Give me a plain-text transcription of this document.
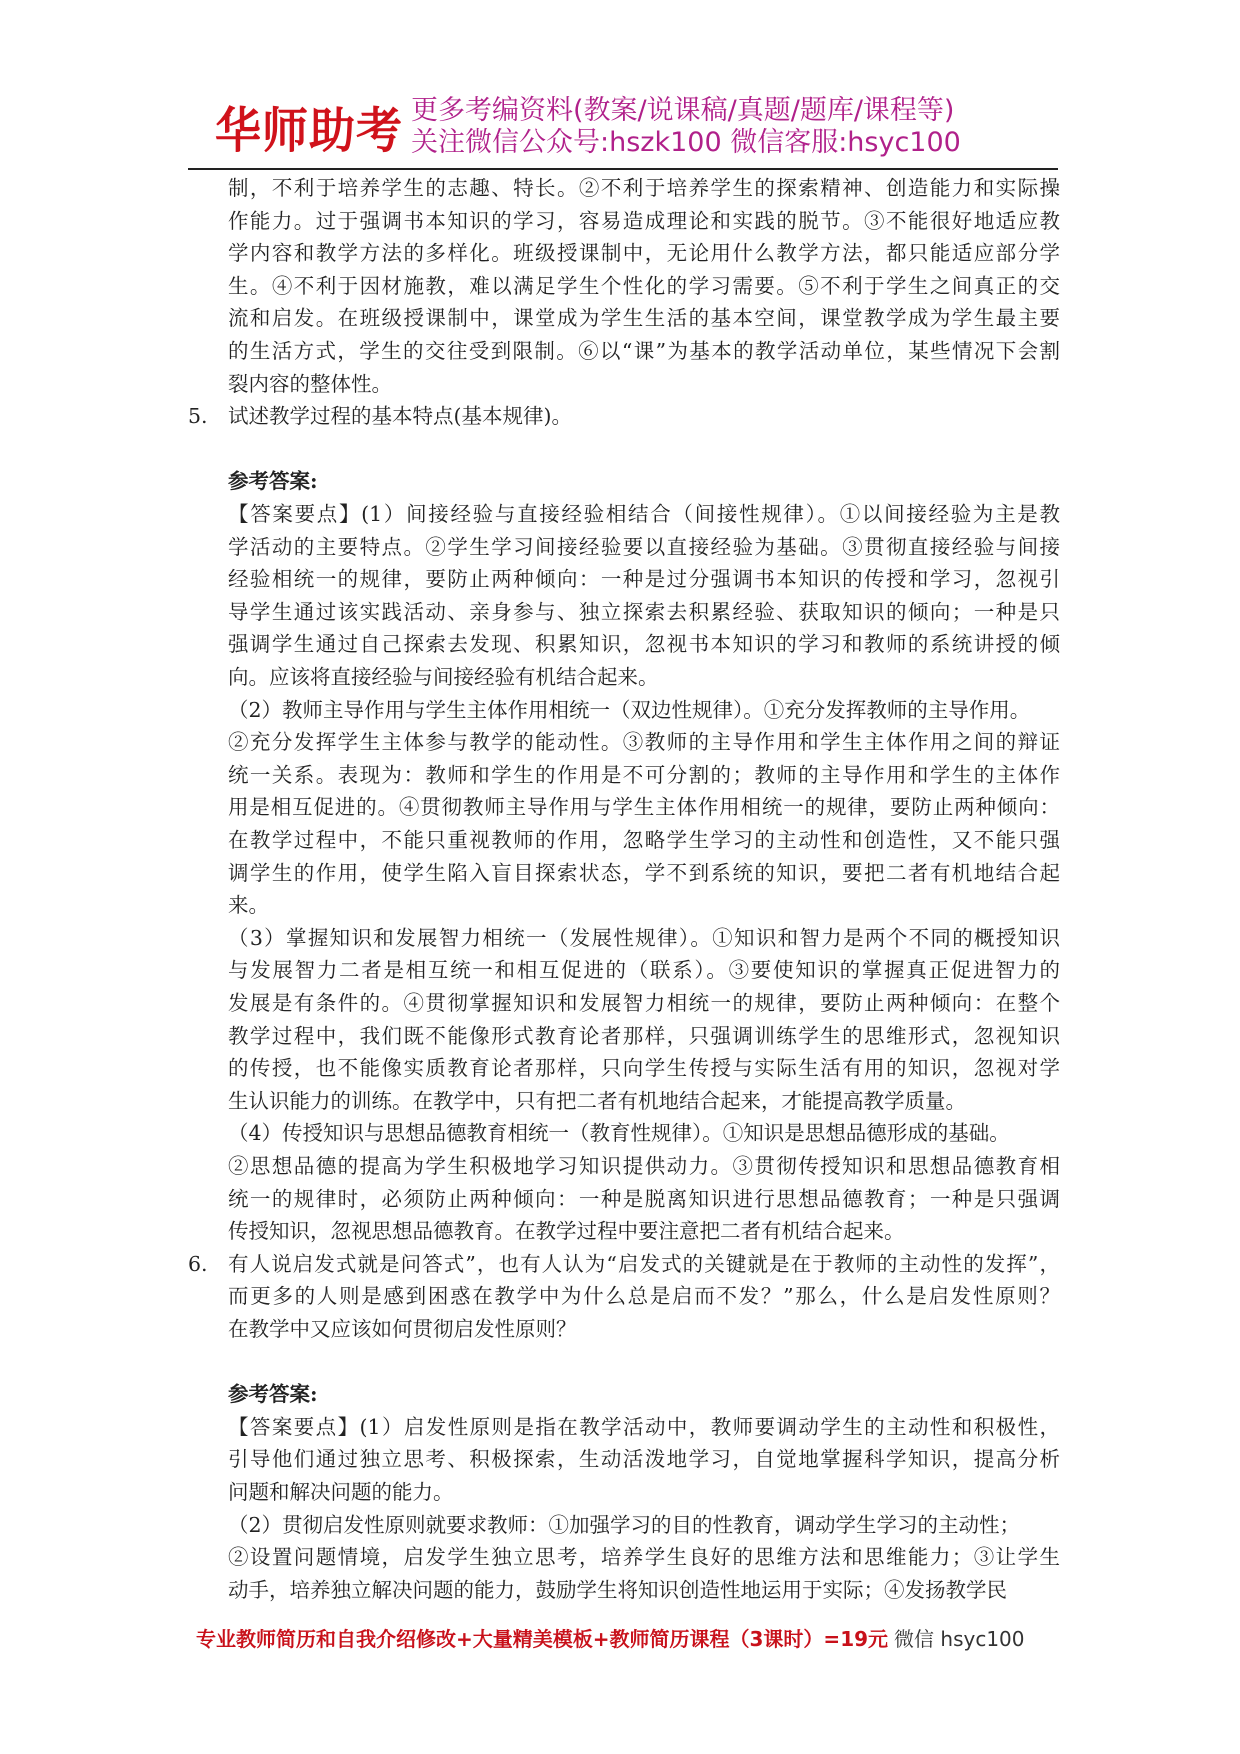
华师助考 更多考编资料(教案/说课稿/真题/题库/课程等)
关注微信公众号:hszk100 微信客服:hsyc100
制，不利于培养学生的志趣、特长。②不利于培养学生的探索精神、创造能力和实际操
作能力。过于强调书本知识的学习，容易造成理论和实践的脱节。③不能很好地适应教
学内容和教学方法的多样化。班级授课制中，无论用什么教学方法，都只能适应部分学
生。④不利于因材施教，难以满足学生个性化的学习需要。⑤不利于学生之间真正的交
流和启发。在班级授课制中，课堂成为学生生活的基本空间，课堂教学成为学生最主要
的生活方式，学生的交往受到限制。⑥以“课”为基本的教学活动单位，某些情况下会割
裂内容的整体性。
5. 试述教学过程的基本特点(基本规律)。
参考答案:
【答案要点】(1）间接经验与直接经验相结合（间接性规律）。①以间接经验为主是教
学活动的主要特点。②学生学习间接经验要以直接经验为基础。③贯彻直接经验与间接
经验相统一的规律，要防止两种倾向：一种是过分强调书本知识的传授和学习，忽视引
导学生通过该实践活动、亲身参与、独立探索去积累经验、获取知识的倾向；一种是只
强调学生通过自己探索去发现、积累知识，忽视书本知识的学习和教师的系统讲授的倾
向。应该将直接经验与间接经验有机结合起来。
（2）教师主导作用与学生主体作用相统一（双边性规律）。①充分发挥教师的主导作用。
②充分发挥学生主体参与教学的能动性。③教师的主导作用和学生主体作用之间的辩证
统一关系。表现为：教师和学生的作用是不可分割的；教师的主导作用和学生的主体作
用是相互促进的。④贯彻教师主导作用与学生主体作用相统一的规律，要防止两种倾向：
在教学过程中，不能只重视教师的作用，忽略学生学习的主动性和创造性，又不能只强
调学生的作用，使学生陷入盲目探索状态，学不到系统的知识，要把二者有机地结合起
来。
（3）掌握知识和发展智力相统一（发展性规律）。①知识和智力是两个不同的概授知识
与发展智力二者是相互统一和相互促进的（联系）。③要使知识的掌握真正促进智力的
发展是有条件的。④贯彻掌握知识和发展智力相统一的规律，要防止两种倾向：在整个
教学过程中，我们既不能像形式教育论者那样，只强调训练学生的思维形式，忽视知识
的传授，也不能像实质教育论者那样，只向学生传授与实际生活有用的知识，忽视对学
生认识能力的训练。在教学中，只有把二者有机地结合起来，才能提高教学质量。
（4）传授知识与思想品德教育相统一（教育性规律）。①知识是思想品德形成的基础。
②思想品德的提高为学生积极地学习知识提供动力。③贯彻传授知识和思想品德教育相
统一的规律时，必须防止两种倾向：一种是脱离知识进行思想品德教育；一种是只强调
传授知识，忽视思想品德教育。在教学过程中要注意把二者有机结合起来。
6. 有人说启发式就是问答式”，也有人认为“启发式的关键就是在于教师的主动性的发挥”，
而更多的人则是感到困惑在教学中为什么总是启而不发？”那么，什么是启发性原则？
在教学中又应该如何贯彻启发性原则？
参考答案:
【答案要点】(1）启发性原则是指在教学活动中，教师要调动学生的主动性和积极性，
引导他们通过独立思考、积极探索，生动活泼地学习，自觉地掌握科学知识，提高分析
问题和解决问题的能力。
（2）贯彻启发性原则就要求教师：①加强学习的目的性教育，调动学生学习的主动性；
②设置问题情境，启发学生独立思考，培养学生良好的思维方法和思维能力；③让学生
动手，培养独立解决问题的能力，鼓励学生将知识创造性地运用于实际；④发扬教学民
专业教师简历和自我介绍修改+大量精美模板+教师简历课程（3课时）=19元 微信 hsyc100
